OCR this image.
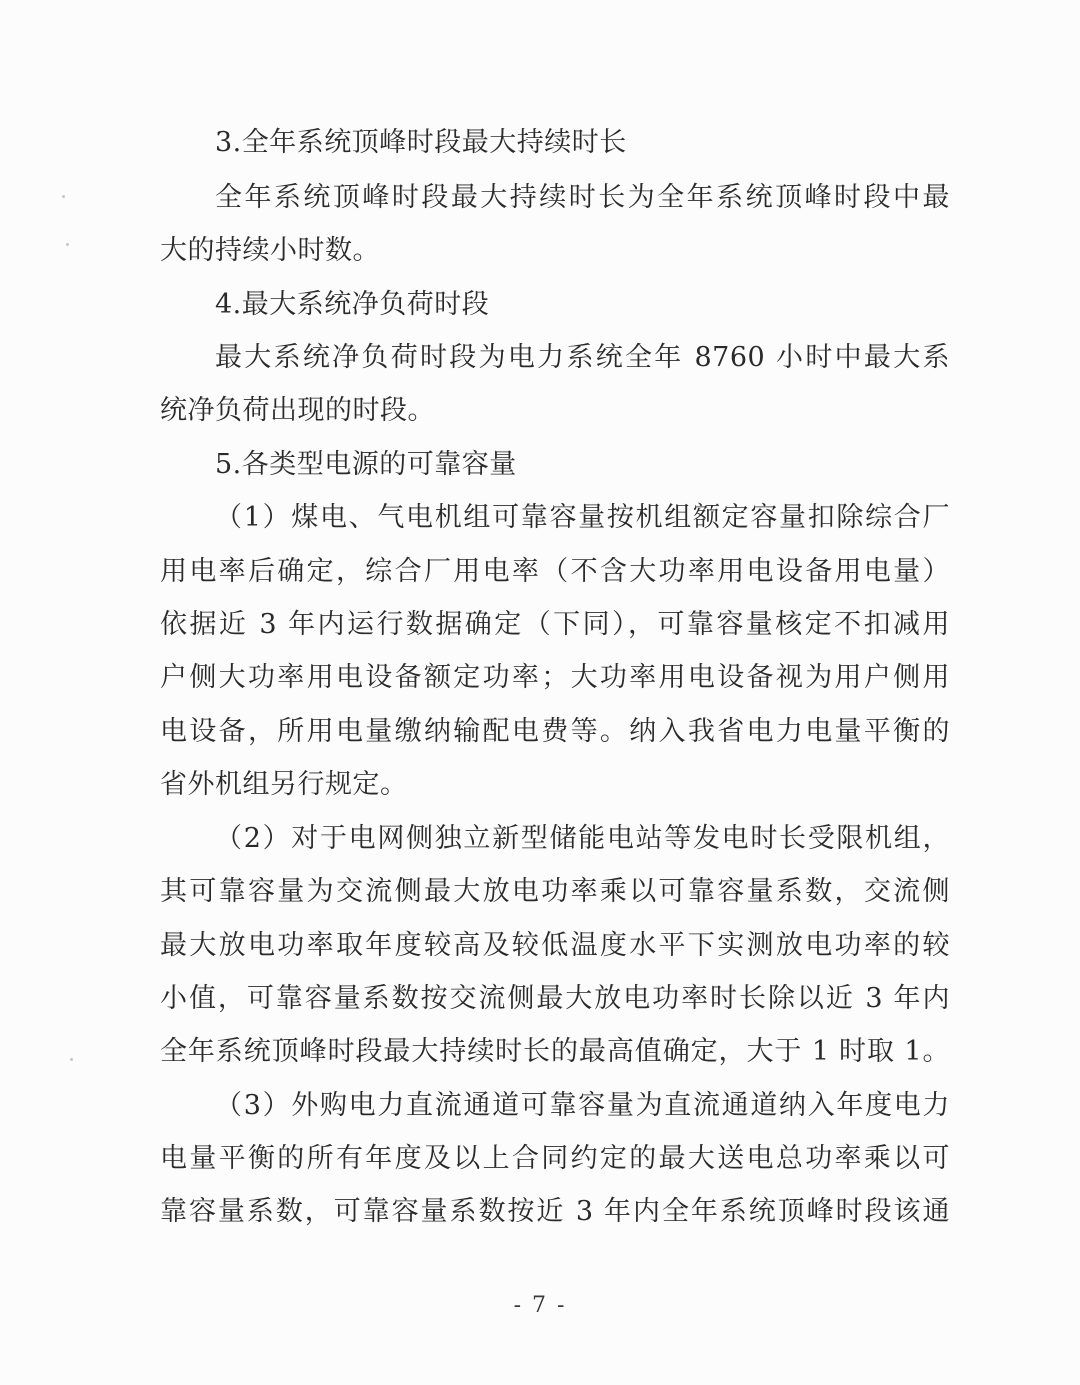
3.全年系统顶峰时段最大持续时长
全年系统顶峰时段最大持续时长为全年系统顶峰时段中最
大的持续小时数。
4.最大系统净负荷时段
最大系统净负荷时段为电力系统全年 8760 小时中最大系
统净负荷出现的时段。
5.各类型电源的可靠容量
（1）煤电、气电机组可靠容量按机组额定容量扣除综合厂
用电率后确定，综合厂用电率（不含大功率用电设备用电量）
依据近 3 年内运行数据确定（下同），可靠容量核定不扣减用
户侧大功率用电设备额定功率；大功率用电设备视为用户侧用
电设备，所用电量缴纳输配电费等。纳入我省电力电量平衡的
省外机组另行规定。
（2）对于电网侧独立新型储能电站等发电时长受限机组，
其可靠容量为交流侧最大放电功率乘以可靠容量系数，交流侧
最大放电功率取年度较高及较低温度水平下实测放电功率的较
小值，可靠容量系数按交流侧最大放电功率时长除以近 3 年内
全年系统顶峰时段最大持续时长的最高值确定，大于 1 时取 1。
（3）外购电力直流通道可靠容量为直流通道纳入年度电力
电量平衡的所有年度及以上合同约定的最大送电总功率乘以可
靠容量系数，可靠容量系数按近 3 年内全年系统顶峰时段该通
- 7 -
